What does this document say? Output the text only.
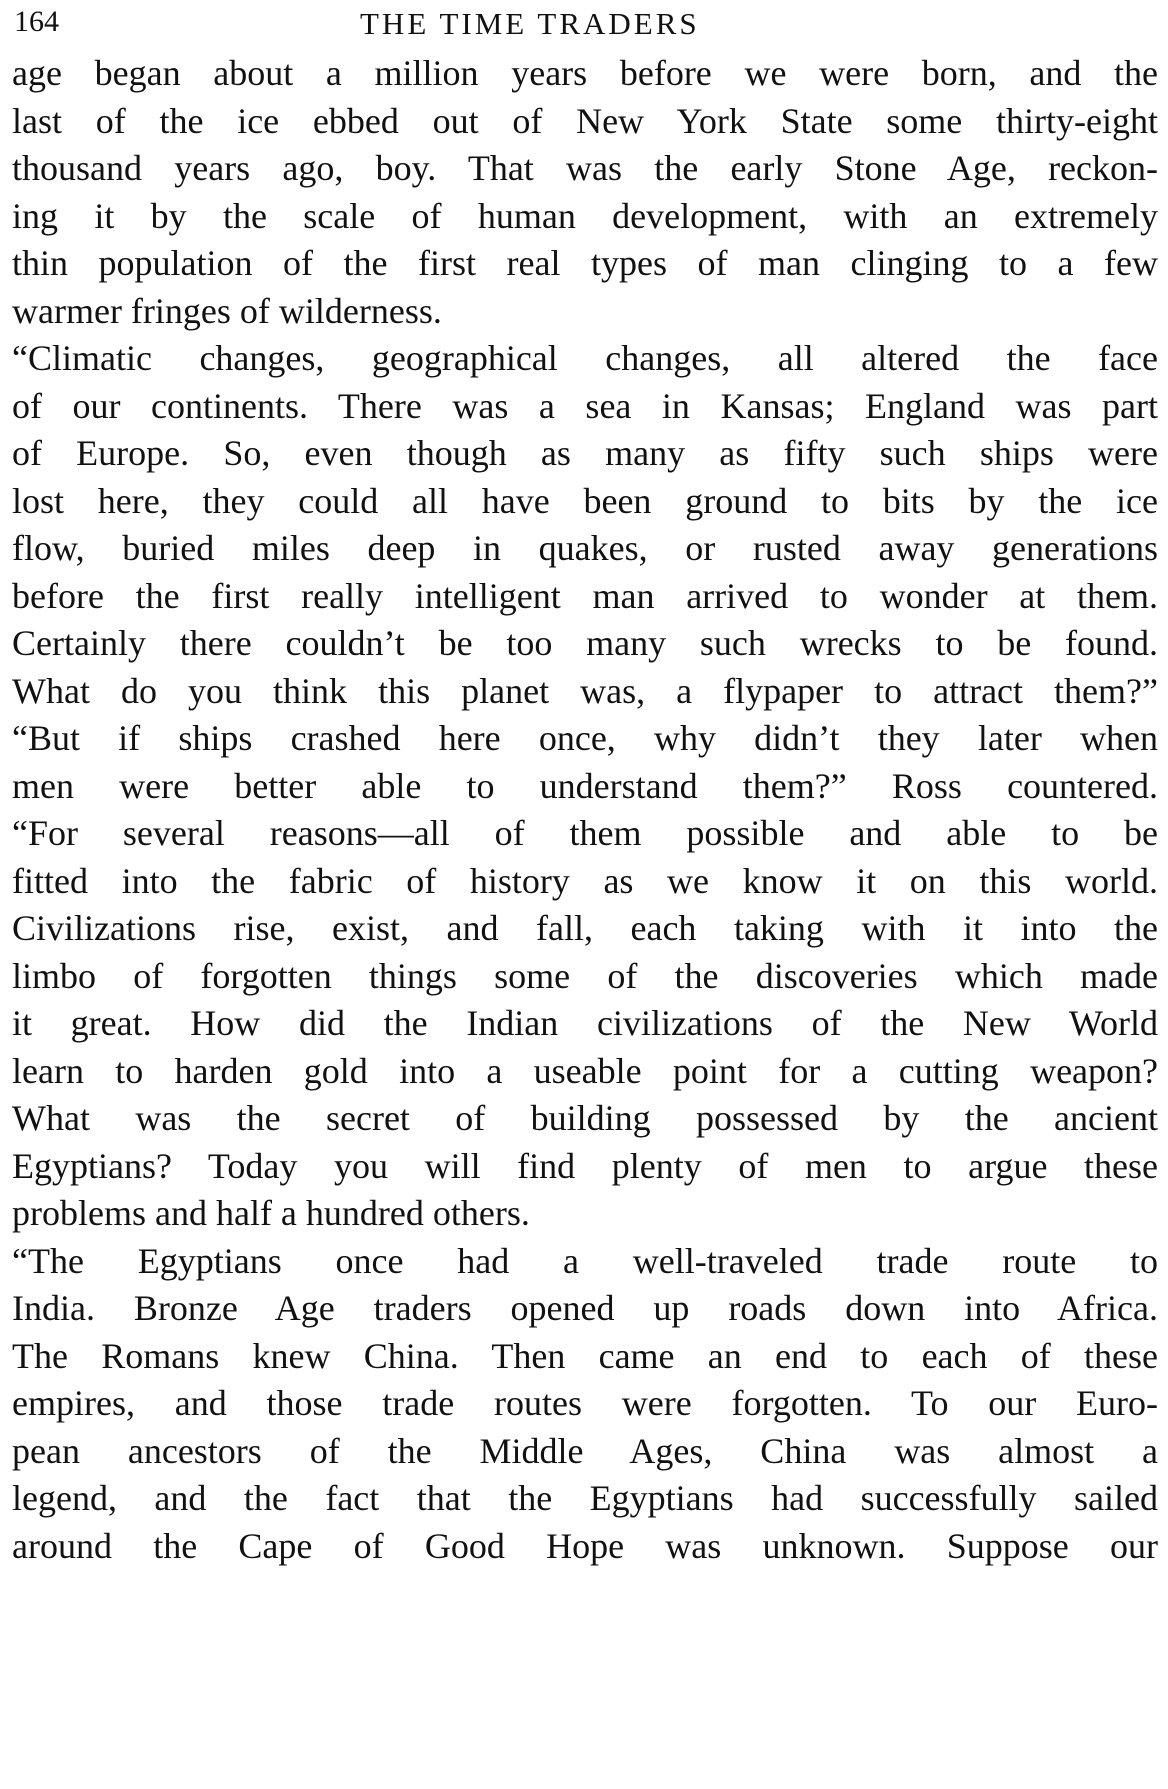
164	THE TIME TRADERS
age began about a million years before we were born, and the
last of the ice ebbed out of New York State some thirty-eight
thousand years ago, boy. That was the early Stone Age, reckon-
ing it by the scale of human development, with an extremely
thin population of the first real types of man clinging to a few
warmer fringes of wilderness.
“Climatic changes, geographical changes, all altered the face
of our continents. There was a sea in Kansas; England was part
of Europe. So, even though as many as fifty such ships were
lost here, they could all have been ground to bits by the ice
flow, buried miles deep in quakes, or rusted away generations
before the first really intelligent man arrived to wonder at them.
Certainly there couldn’t be too many such wrecks to be found.
What do you think this planet was, a flypaper to attract them?”
“But if ships crashed here once, why didn’t they later when
men were better able to understand them?” Ross countered.
“For several reasons—all of them possible and able to be
fitted into the fabric of history as we know it on this world.
Civilizations rise, exist, and fall, each taking with it into the
limbo of forgotten things some of the discoveries which made
it great. How did the Indian civilizations of the New World
learn to harden gold into a useable point for a cutting weapon?
What was the secret of building possessed by the ancient
Egyptians? Today you will find plenty of men to argue these
problems and half a hundred others.
“The Egyptians once had a well-traveled trade route to
India. Bronze Age traders opened up roads down into Africa.
The Romans knew China. Then came an end to each of these
empires, and those trade routes were forgotten. To our Euro-
pean ancestors of the Middle Ages, China was almost a
legend, and the fact that the Egyptians had successfully sailed
around the Cape of Good Hope was unknown. Suppose our
